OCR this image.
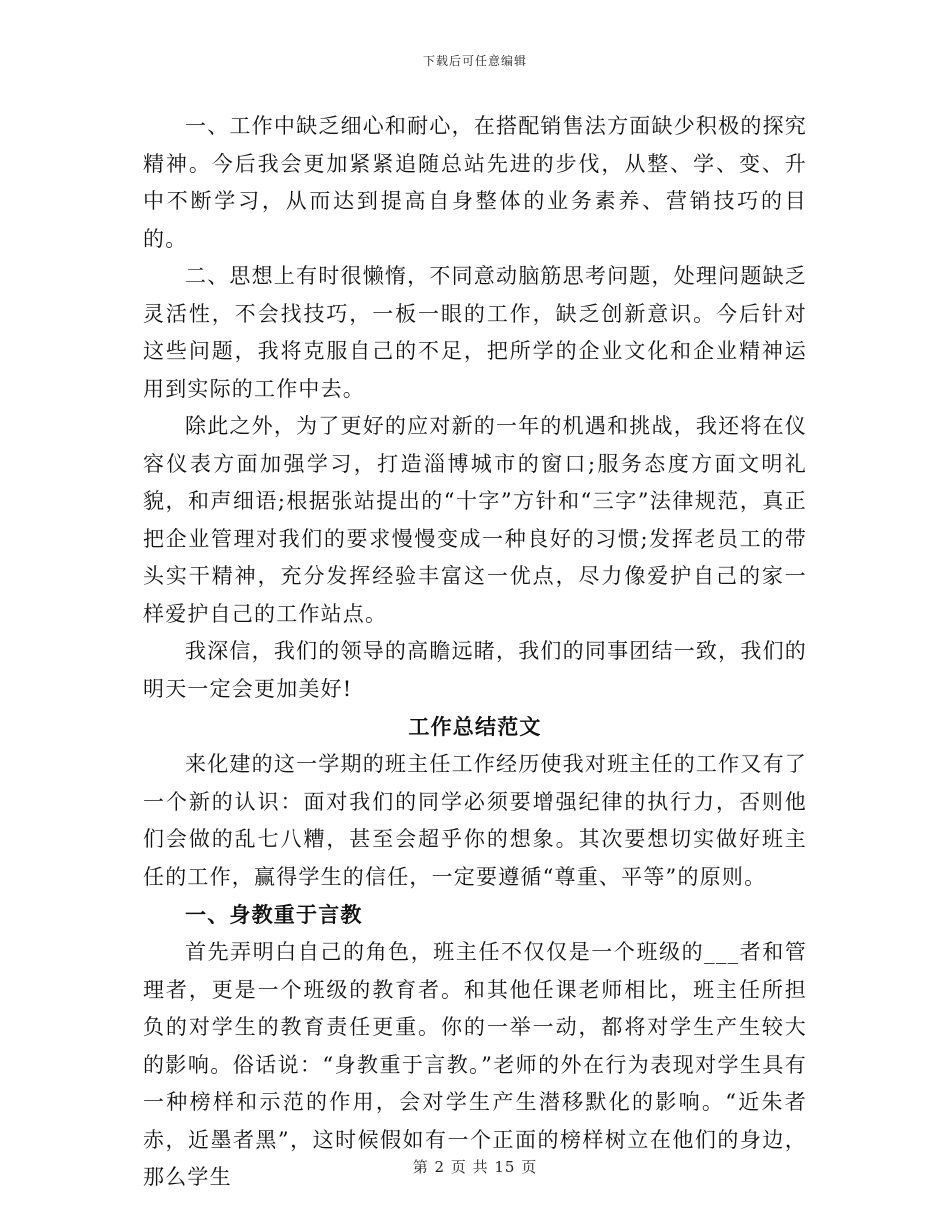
下载后可任意编辑

一、工作中缺乏细心和耐心，在搭配销售法方面缺少积极的探究精神。今后我会更加紧紧追随总站先进的步伐，从整、学、变、升中不断学习，从而达到提高自身整体的业务素养、营销技巧的目的。

二、思想上有时很懒惰，不同意动脑筋思考问题，处理问题缺乏灵活性，不会找技巧，一板一眼的工作，缺乏创新意识。今后针对这些问题，我将克服自己的不足，把所学的企业文化和企业精神运用到实际的工作中去。

除此之外，为了更好的应对新的一年的机遇和挑战，我还将在仪容仪表方面加强学习，打造淄博城市的窗口;服务态度方面文明礼貌，和声细语;根据张站提出的“十字”方针和“三字”法律规范，真正把企业管理对我们的要求慢慢变成一种良好的习惯;发挥老员工的带头实干精神，充分发挥经验丰富这一优点，尽力像爱护自己的家一样爱护自己的工作站点。

我深信，我们的领导的高瞻远睹，我们的同事团结一致，我们的明天一定会更加美好!

工作总结范文

来化建的这一学期的班主任工作经历使我对班主任的工作又有了一个新的认识：面对我们的同学必须要增强纪律的执行力，否则他们会做的乱七八糟，甚至会超乎你的想象。其次要想切实做好班主任的工作，赢得学生的信任，一定要遵循“尊重、平等”的原则。

一、身教重于言教

首先弄明白自己的角色，班主任不仅仅是一个班级的___者和管理者，更是一个班级的教育者。和其他任课老师相比，班主任所担负的对学生的教育责任更重。你的一举一动，都将对学生产生较大的影响。俗话说：“身教重于言教。”老师的外在行为表现对学生具有一种榜样和示范的作用，会对学生产生潜移默化的影响。“近朱者赤，近墨者黑”，这时候假如有一个正面的榜样树立在他们的身边，那么学生	第 2 页 共 15 页
